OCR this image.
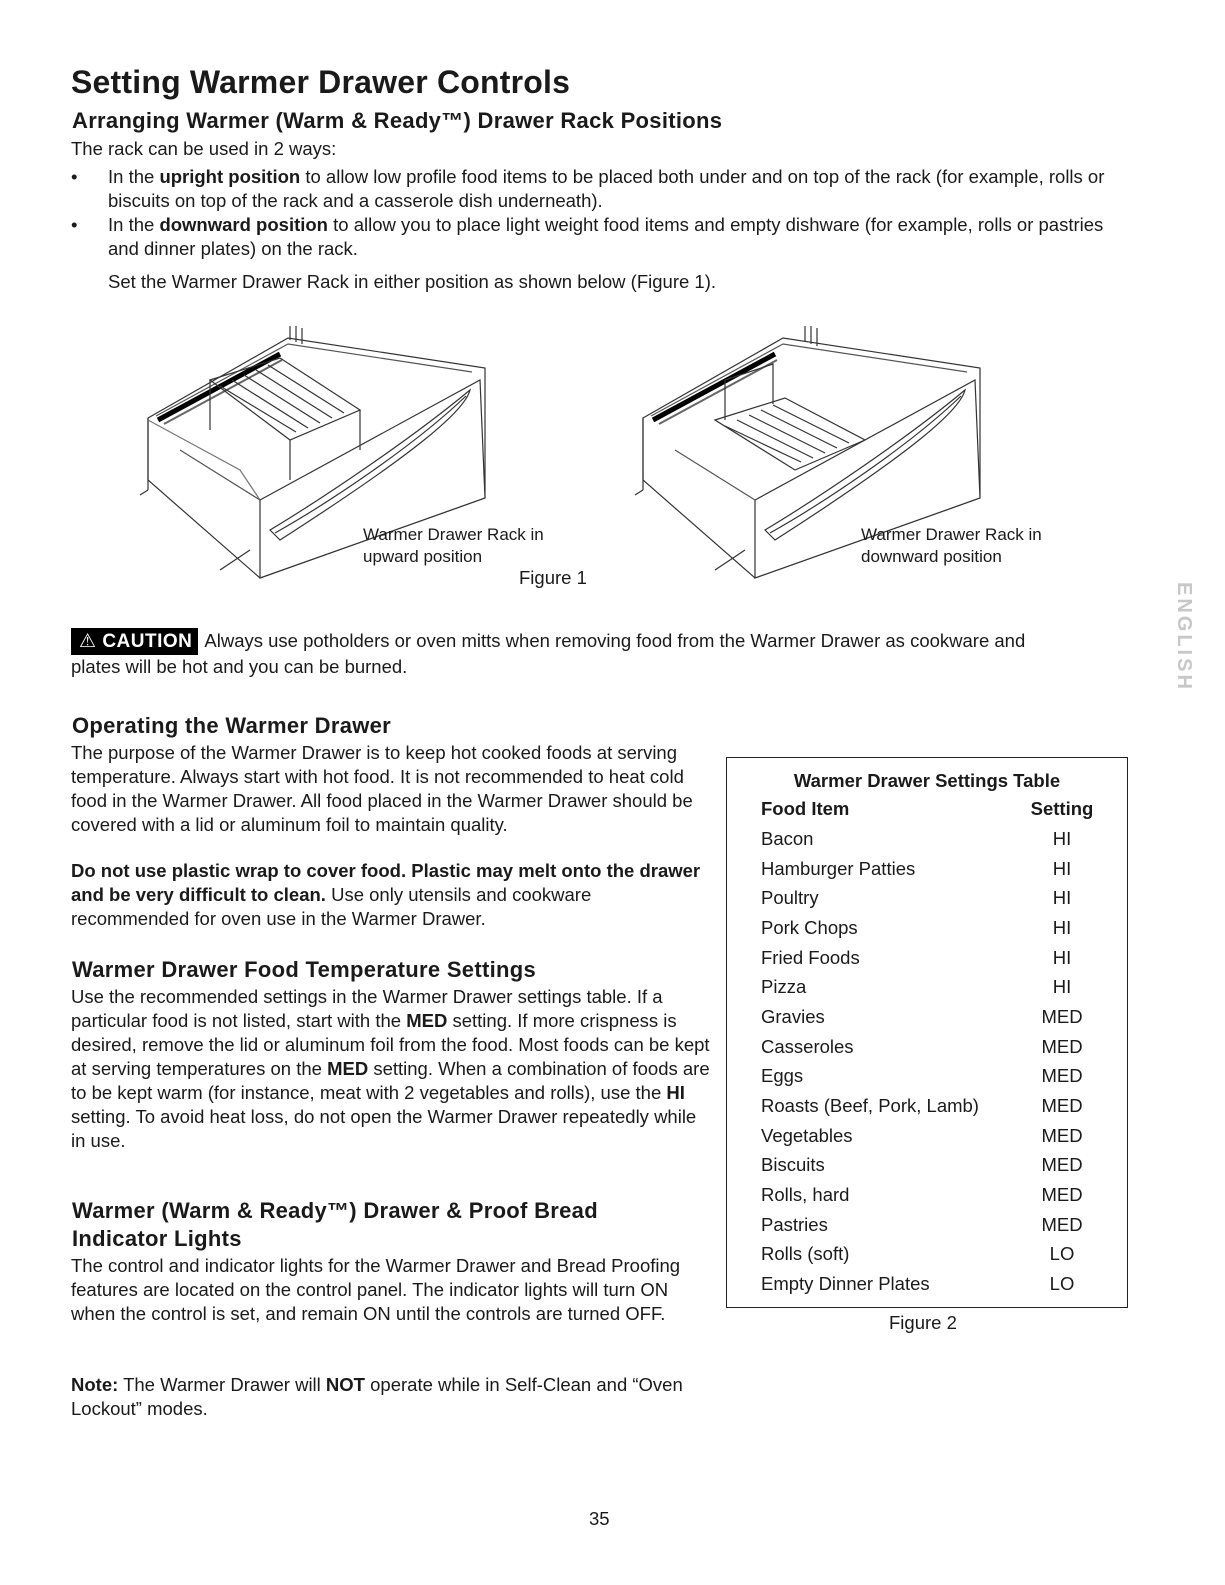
Setting Warmer Drawer Controls
Arranging Warmer (Warm & Ready™) Drawer Rack Positions

The rack can be used in 2 ways:

• In the upright position to allow low profile food items to be placed both under and on top of the rack (for example, rolls or biscuits on top of the rack and a casserole dish underneath).
• In the downward position to allow you to place light weight food items and empty dishware (for example, rolls or pastries and dinner plates) on the rack.

Set the Warmer Drawer Rack in either position as shown below (Figure 1).

Warmer Drawer Rack in
upward position
Warmer Drawer Rack in
downward position
Figure 1
⚠ CAUTION Always use potholders or oven mitts when removing food from the Warmer Drawer as cookware and
plates will be hot and you can be burned.	ENGLISH
Operating the Warmer Drawer

The purpose of the Warmer Drawer is to keep hot cooked foods at serving temperature. Always start with hot food. It is not recommended to heat cold food in the Warmer Drawer. All food placed in the Warmer Drawer should be covered with a lid or aluminum foil to maintain quality.

Do not use plastic wrap to cover food. Plastic may melt onto the drawer and be very difficult to clean. Use only utensils and cookware recommended for oven use in the Warmer Drawer.

Warmer Drawer Food Temperature Settings

Use the recommended settings in the Warmer Drawer settings table. If a particular food is not listed, start with the MED setting. If more crispness is desired, remove the lid or aluminum foil from the food. Most foods can be kept at serving temperatures on the MED setting. When a combination of foods are to be kept warm (for instance, meat with 2 vegetables and rolls), use the HI setting. To avoid heat loss, do not open the Warmer Drawer repeatedly while in use.

Warmer (Warm & Ready™) Drawer & Proof Bread
Indicator Lights

The control and indicator lights for the Warmer Drawer and Bread Proofing features are located on the control panel. The indicator lights will turn ON when the control is set, and remain ON until the controls are turned OFF.

Note: The Warmer Drawer will NOT operate while in Self-Clean and “Oven Lockout” modes.

Warmer Drawer Settings Table	
Food Item	Setting
Bacon	HI
Hamburger Patties	HI
Poultry	HI
Pork Chops	HI
Fried Foods	HI
Pizza	HI
Gravies	MED
Casseroles	MED
Eggs	MED
Roasts (Beef, Pork, Lamb)	MED
Vegetables	MED
Biscuits	MED
Rolls, hard	MED
Pastries	MED
Rolls (soft)	LO
Empty Dinner Plates	LO

Figure 2
35
